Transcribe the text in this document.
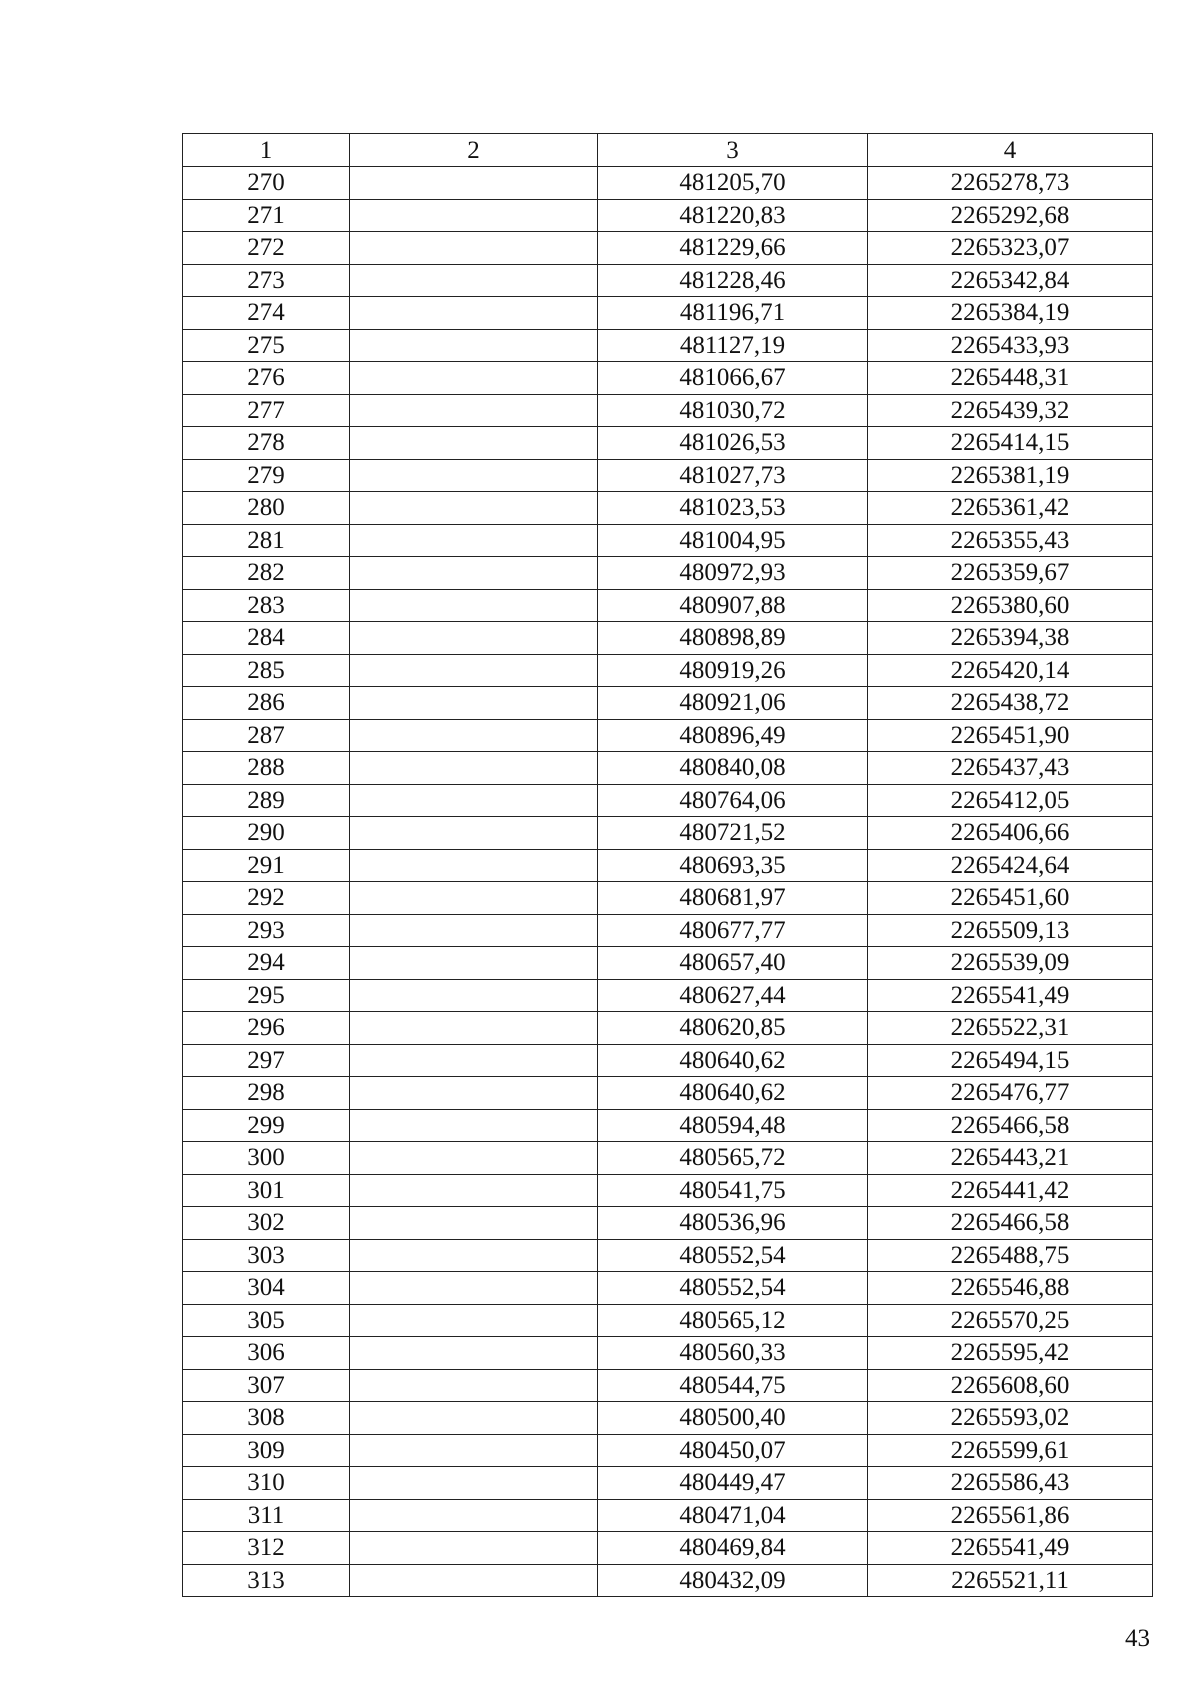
1	2	3	4
270		481205,70	2265278,73
271		481220,83	2265292,68
272		481229,66	2265323,07
273		481228,46	2265342,84
274		481196,71	2265384,19
275		481127,19	2265433,93
276		481066,67	2265448,31
277		481030,72	2265439,32
278		481026,53	2265414,15
279		481027,73	2265381,19
280		481023,53	2265361,42
281		481004,95	2265355,43
282		480972,93	2265359,67
283		480907,88	2265380,60
284		480898,89	2265394,38
285		480919,26	2265420,14
286		480921,06	2265438,72
287		480896,49	2265451,90
288		480840,08	2265437,43
289		480764,06	2265412,05
290		480721,52	2265406,66
291		480693,35	2265424,64
292		480681,97	2265451,60
293		480677,77	2265509,13
294		480657,40	2265539,09
295		480627,44	2265541,49
296		480620,85	2265522,31
297		480640,62	2265494,15
298		480640,62	2265476,77
299		480594,48	2265466,58
300		480565,72	2265443,21
301		480541,75	2265441,42
302		480536,96	2265466,58
303		480552,54	2265488,75
304		480552,54	2265546,88
305		480565,12	2265570,25
306		480560,33	2265595,42
307		480544,75	2265608,60
308		480500,40	2265593,02
309		480450,07	2265599,61
310		480449,47	2265586,43
311		480471,04	2265561,86
312		480469,84	2265541,49
313		480432,09	2265521,11
43
